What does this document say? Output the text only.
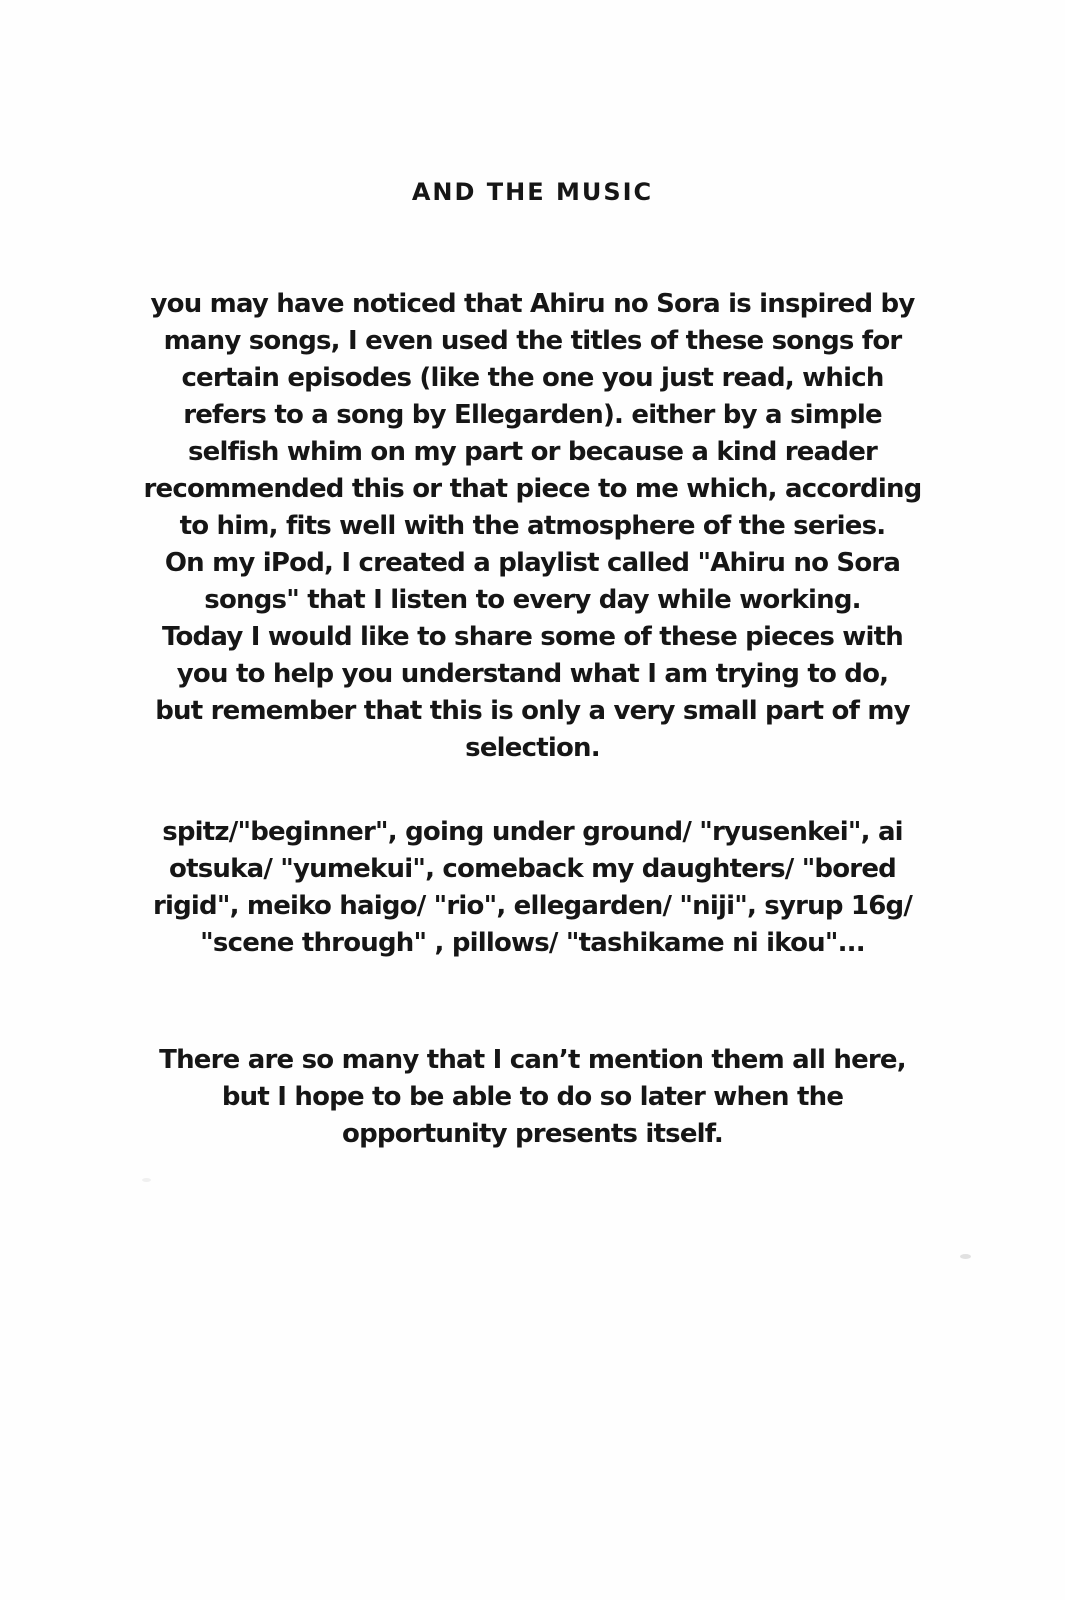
AND THE MUSIC
you may have noticed that Ahiru no Sora is inspired by
many songs, I even used the titles of these songs for
certain episodes (like the one you just read, which
refers to a song by Ellegarden). either by a simple
selfish whim on my part or because a kind reader
recommended this or that piece to me which, according
to him, fits well with the atmosphere of the series.
On my iPod, I created a playlist called "Ahiru no Sora
songs" that I listen to every day while working.
Today I would like to share some of these pieces with
you to help you understand what I am trying to do,
but remember that this is only a very small part of my
selection.
spitz/"beginner", going under ground/ "ryusenkei", ai
otsuka/ "yumekui", comeback my daughters/ "bored
rigid", meiko haigo/ "rio", ellegarden/ "niji", syrup 16g/
"scene through" , pillows/ "tashikame ni ikou"...
There are so many that I can’t mention them all here,
but I hope to be able to do so later when the
opportunity presents itself.
